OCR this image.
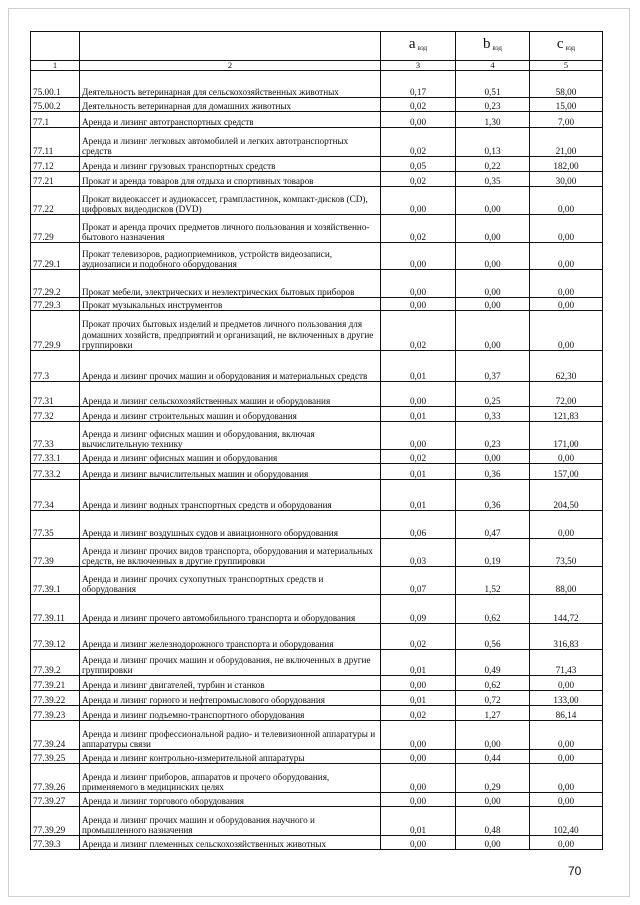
		а $_{вэд}$	b $_{вэд}$	с $_{вэд}$
1	2	3	4	5
75.00.1	Деятельность ветеринарная для сельскохозяйственных животных	0,17	0,51	58,00
75.00.2	Деятельность ветеринарная для домашних животных	0,02	0,23	15,00
77.1	Аренда и лизинг автотранспортных средств	0,00	1,30	7,00
77.11	Аренда и лизинг легковых автомобилей и легких автотранспортных средств	0,02	0,13	21,00
77.12	Аренда и лизинг грузовых транспортных средств	0,05	0,22	182,00
77.21	Прокат и аренда товаров для отдыха и спортивных товаров	0,02	0,35	30,00
77.22	Прокат видеокассет и аудиокассет, грампластинок, компакт-дисков (CD), цифровых видеодисков (DVD)	0,00	0,00	0,00
77.29	Прокат и аренда прочих предметов личного пользования и хозяйственно-бытового назначения	0,02	0,00	0,00
77.29.1	Прокат телевизоров, радиоприемников, устройств видеозаписи, аудиозаписи и подобного оборудования	0,00	0,00	0,00
77.29.2	Прокат мебели, электрических и неэлектрических бытовых приборов	0,00	0,00	0,00
77.29.3	Прокат музыкальных инструментов	0,00	0,00	0,00
77.29.9	Прокат прочих бытовых изделий и предметов личного пользования для домашних хозяйств, предприятий и организаций, не включенных в другие группировки	0,02	0,00	0,00
77.3	Аренда и лизинг прочих машин и оборудования и материальных средств	0,01	0,37	62,30
77.31	Аренда и лизинг сельскохозяйственных машин и оборудования	0,00	0,25	72,00
77.32	Аренда и лизинг строительных машин и оборудования	0,01	0,33	121,83
77.33	Аренда и лизинг офисных машин и оборудования, включая вычислительную технику	0,00	0,23	171,00
77.33.1	Аренда и лизинг офисных машин и оборудования	0,02	0,00	0,00
77.33.2	Аренда и лизинг вычислительных машин и оборудования	0,01	0,36	157,00
77.34	Аренда и лизинг водных транспортных средств и оборудования	0,01	0,36	204,50
77.35	Аренда и лизинг воздушных судов и авиационного оборудования	0,06	0,47	0,00
77.39	Аренда и лизинг прочих видов транспорта, оборудования и материальных средств, не включенных в другие группировки	0,03	0,19	73,50
77.39.1	Аренда и лизинг прочих сухопутных транспортных средств и оборудования	0,07	1,52	88,00
77.39.11	Аренда и лизинг прочего автомобильного транспорта и оборудования	0,09	0,62	144,72
77.39.12	Аренда и лизинг железнодорожного транспорта и оборудования	0,02	0,56	316,83
77.39.2	Аренда и лизинг прочих машин и оборудования, не включенных в другие группировки	0,01	0,49	71,43
77.39.21	Аренда и лизинг двигателей, турбин и станков	0,00	0,62	0,00
77.39.22	Аренда и лизинг горного и нефтепромыслового оборудования	0,01	0,72	133,00
77.39.23	Аренда и лизинг подъемно-транспортного оборудования	0,02	1,27	86,14
77.39.24	Аренда и лизинг профессиональной радио- и телевизионной аппаратуры и аппаратуры связи	0,00	0,00	0,00
77.39.25	Аренда и лизинг контрольно-измерительной аппаратуры	0,00	0,44	0,00
77.39.26	Аренда и лизинг приборов, аппаратов и прочего оборудования, применяемого в медицинских целях	0,00	0,29	0,00
77.39.27	Аренда и лизинг торгового оборудования	0,00	0,00	0,00
77.39.29	Аренда и лизинг прочих машин и оборудования научного и промышленного назначения	0,01	0,48	102,40
77.39.3	Аренда и лизинг племенных сельскохозяйственных животных	0,00	0,00	0,00
70
